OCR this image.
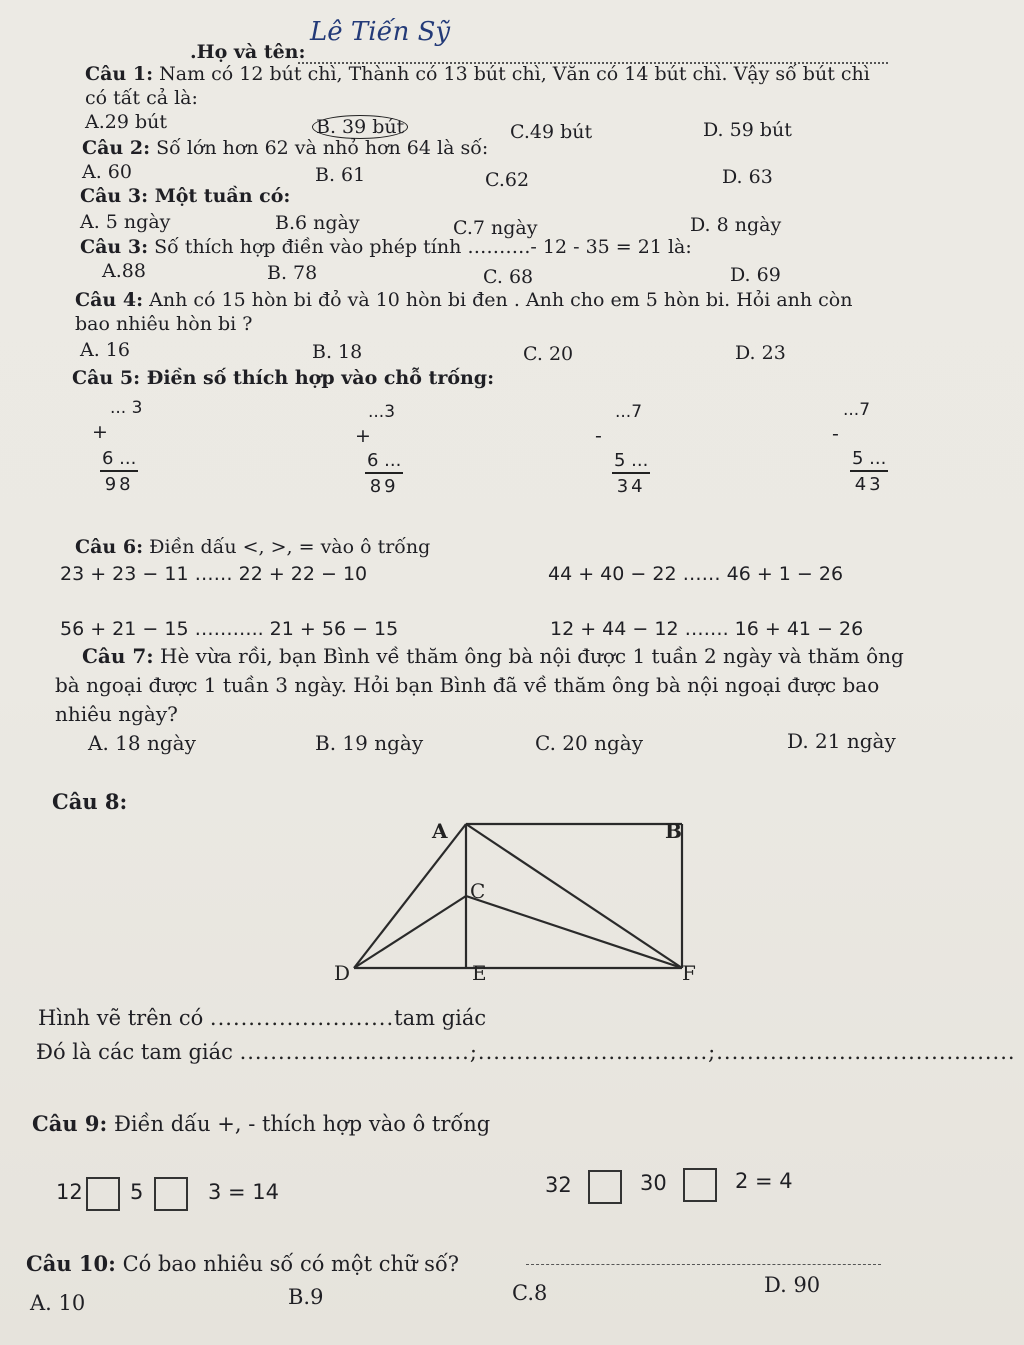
.Họ và tên:
Lê Tiến Sỹ
Câu 1: Nam có 12 bút chì, Thành có 13 bút chì, Văn có 14 bút chì. Vậy số bút chì
có tất cả là:
A.29 bút	B. 39 bút	C.49 bút	D. 59 bút
Câu 2: Số lớn hơn 62 và nhỏ hơn 64 là số:
A. 60	B. 61	C.62	D. 63
Câu 3: Một tuần có:
A. 5 ngày	B.6 ngày	C.7 ngày	D. 8 ngày
Câu 3: Số thích hợp điền vào phép tính ……….- 12 - 35 = 21 là:
A.88	B. 78	C. 68	D. 69
Câu 4: Anh có 15 hòn bi đỏ và 10 hòn bi đen . Anh cho em 5 hòn bi. Hỏi anh còn
bao nhiêu hòn bi ?
A. 16	B. 18	C. 20	D. 23
Câu 5: Điền số thích hợp vào chỗ trống:
... 3
+
$\frac{6 ...}{98}$
...3
+
$\frac{6 ...}{89}$
...7
-
$\frac{5 ...}{34}$
...7
-
$\frac{5 ...}{43}$
Câu 6: Điền dấu <, >, = vào ô trống
23 + 23 − 11 …… 22 + 22 − 10	44 + 40 − 22 …… 46 + 1 − 26
56 + 21 − 15 ……….. 21 + 56 − 15	12 + 44 − 12 ……. 16 + 41 − 26
Câu 7: Hè vừa rồi, bạn Bình về thăm ông bà nội được 1 tuần 2 ngày và thăm ông
bà ngoại được 1 tuần 3 ngày. Hỏi bạn Bình đã về thăm ông bà nội ngoại được bao
nhiêu ngày?
A. 18 ngày	B. 19 ngày	C. 20 ngày	D. 21 ngày
Câu 8:
A	B
C
D	E	F
Hình vẽ trên có ........................tam giác
Đó là các tam giác ..............................;..............................;.......................................
Câu 9: Điền dấu +, - thích hợp vào ô trống
12 5	3 = 14	32	30	2 = 4
Câu 10: Có bao nhiêu số có một chữ số?
A. 10	B.9	C.8	D. 90
